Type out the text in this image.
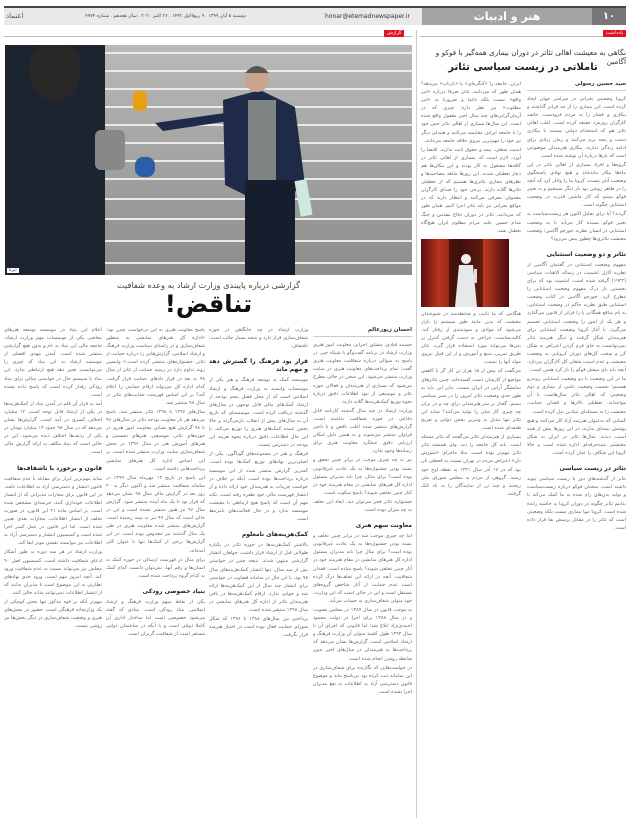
۱۰
هنر و ادبیات
honar@etemadnewspaper.ir
دوشنبه ۵ آبان ۱۳۹۹ . ۹ ربیع‌الاول ۱۴۴۲ . ۲۶ اکتبر ۲۰۲۰ . سال هجدهم . شماره ۴۷۷۴
اعتماد
یادداشت
نگاهی به معیشت اهالی تئاتر در دوران بیماری همه‌گیر با فوکو و آگامبن
تاملاتی در زیست سیاسی تئاتر
سید حسین رسولی

کرونا وضعیتی بحرانی در سراسر جهان ایجاد کرده است. این بیماری را از حد فراتر گذاشته و بیکاری و فشار را به مردم فرودست، خاصه کارگران روزمزد حقیقه کرده است. اغلب اهالی تئاتر هم که استخدام دولتی نیستند با بیکاری دست و پنجه نرم می‌کنند و زمان زیادی برای ادامه زندگی ندارند. بیکاری هنرمندان موضوعی است که بارها درباره آن نوشته شده است.

گروه‌ها و افراد بسیاری از اهالی تئاتر در این ماه‌ها بیکار مانده‌اند و هیچ نهادی پاسخگوی وضعیت آنان نیست. کرونا ما را وادار کرد که آنچه را در ظاهر روشن بود بار دیگر بسنجیم و به تعبیر فوکو ببینیم که کار ماشین قدرت در وضعیت استثنایی چگونه است.

گردند؟ آیا برای تحلیل اکنون هر زیست‌سیاست به تعبیر فوکو بسنده کار می‌آید یا به وضعیت استثنایی در انسان نظریه جورجو آگامبن؛ وضعیت معیشت تئاتری‌ها چطور پیش می‌رود؟

تئاتر و دو وضعیت استثنایی

مفهوم وضعیت استثنایی در گفتمان آگامبن از نظریه کارل اشمیت در رساله الاهیات سیاسی (۱۹۲۲) گرفته شده است. اشمیت بود که برای نخستین بار درک مفهوم وضعیت استثنایی را مطرح کرد. جورجو آگامبن در کتاب وضعیت استثنایی طبق نظریه حاکم در وضعیت استثنایی، به نام منافع همگانی پا را فراتر از قانون می‌گذارد و هر یک از امور را وضعیت استثنایی تصمیم می‌گیرد. با آغاز کرونا وضعیت استثنایی برای هنرمندان شکل گرفت و دیگر هنرمند تئاتر نمی‌توانست به جای فرم کردن اعتراض به شکل کن و سخت کل‌های دوران کرونایی به وضعیت معیشت و عدم امنیت شغلی کل کارگران بپردازد. آنچه باید پای میشل فوکو را باز کرد همین است.

ما در این وضعیت با دو وضعیت استثنایی روبه‌رو هستیم؛ نخست وضعیت ناشی از بیماری و دوم وضعیتی که اهالی تئاتر سال‌هاست با آن مواجه‌اند. تعطیلی تالارها و فقدان حمایت، معیشت را به مسئله‌ای بنیادین بدل کرده است.

کسانی که به‌عنوان هنرمند آزاد کار می‌کنند و هیچ پوشش بیمه‌ای ندارند، در این روزها بیش از همه آسیب دیدند. سال‌ها تئاتر در ایران به شکل معیشتی نیمه‌حرفه‌ای اداره شده است و حالا کرونا این شکاف را عیان کرده است.

تئاتر در زیست سیاسی

تئاتر از گذشته‌های دور با زیست سیاسی پیوند داشته است. سخنان فوکو درباره زیست‌سیاست و تولید بدن‌های رام شده به ما کمک می‌کند تا بدانیم تئاتر چگونه در دوران کرونا به حاشیه رانده شده است. کرونا تنها بیماری نیست بلکه وضعیتی است که تئاتر را در مقابل پرسش بقا قرار داده است.

ایران، جامعه را «کنگره‌ای» یا «بازتاب» می‌دهد؟ همان طور که می‌دانید، تئاتر صرفا درباره «امر واقع» نیست بلکه دائما و ضرورتا به «امر مطلوب» نیز نظر دارد؛ چیزی که در آرمان‌گرایی‌های چند سال اخیر مغفول واقع شده است. این سال‌ها بسیاری از اهالی تئاتر حس خود را با جامعه ایرانی مقایسه می‌کنند و همدلی دیگر نیز خود را مهم‌ترین نیروی خلاقه جامعه می‌دانند.

امنیت شغلی، بیمه و حقوق ثابت ندارند. اقتضا را آورد، لازم است که بسیاری از اهالی تئاتر در کافه‌ها مشغول به کار بودند و این مکان‌ها هم دچار تعطیلی شدند. این روزها شاهد مصاحبه‌ها و نظرهای مجازی تئاتری‌ها هستیم که از تعطیلی تئاترها گلایه دارند. برخی خود را صدای کارگران معمولی معرفی می‌کنند و انتظار دارند که در مواقع بحرانی نیز باید تئاتر اجرا کنیم. همان طور که می‌دانید، تئاتر در دوران دفاع مقدس و جنگ مدام حسین علیه مردم مظلوم ایران هیچ‌گاه تعطیل نشد.

هنگامی که ما تاثیب و ضابطه‌مند در شیوه‌بدان معیشت که بدین مانند طور سیستم را بازار می‌شود که موادی و سودمندی از رفتار کند. کالبدسیاست، جراحی به دست گرفتن کنترل بر بدن‌ها می‌تواند مورد استفاده قرار گیرد. تئاتر طریق تمرین، منبع و آموزش و از این قبیل نیروی مولد آنها را نیست.

می‌گفت که بیش از ۱۵ هزار تن کار گر با کاهش مواضع از کارشان دست کشیده‌اند. چنین تئاترهای نمایشگر آرایی در ایران نیست. بنابر این باید به طور جدی وضعیت تئاتر امروز را در سیر سیاسی ببینیم. گفتار بر سر هنرمندان برای چه و در برابر چه چیزی کار شان را تولید می‌کنند؟ شاید این تئاتر تنها تبدیل به ویترین بخش دولتی و تفریح طبقه‌ای شده است.

بسیاری از هنرمندان تئاتر می‌گفتند که تئاتر مسئله است. باید کل جامعه را دید. ولی همیشه تئاتر تئاتر مهم‌تر بوده است. مثلا ماجرای «شورش نان» اعتراض مردم در تهران نسبت به قحطی نان بود که در ۱۷ آذر سال ۱۳۲۱ به نقطه اوج خود رسید. گروهی از مردم به مجلس شورای ملی ریختند و چند تن از نمایندگان را به باد کتک گرفتند.

گزارش
ایرنا
گزارشی درباره پایبندی وزارت ارشاد به وعده شفافیت
تناقض!
احسان زیورعالم

حسینه قبادی، مشاور اجرایی معاونت امور هنری وزارت ارشاد در برنامه گفت‌وگو با شبکه خبر، در پاسخ به سوالی درباره شفافیت معاونت هنری گفت: تمام پرداخت‌های معاونت هنری در سایت وزارت منتشر می‌شود. این سخن در حالی مطرح می‌شود که بسیاری از هنرمندان و فعالان حوزه تئاتر و موسیقی از نبود اطلاعات دقیق درباره نحوه توزیع کمک‌هزینه‌ها گلایه دارند.

وزارت ارشاد در چند سال گذشته کارنامه قابل دفاعی در حوزه شفافیت نداشته است. گزارش‌های منتشر شده اغلب ناقص و با تاخیر فراوان منتشر می‌شوند و به همین دلیل امکان ارزیابی دقیق عملکرد معاونت هنری برای رسانه‌ها وجود ندارد.

نیز به چه چیزی موجب در برابر چنین تحقق و بسته بودن جشنواره‌ها به یک عادت غیرقانونی بوده است؟ برای مثال، چرا باید مدیران مسئول اداره کل هنرهای نمایشی در مقام هنرمند خود در کنار چنین تخلفی شوند؟ پاسخ سکوت است.

جشنواره تئاتر فجر می‌توان دید. ابعاد این تخلف به چه میزان بوده است.

معاونت سهم هنری

اما چه چیزی موجب شد در برابر چنین تخلف و بسته بودن جشنواره‌ها به یک عادت غیرقانونی بوده است؟ برای مثال چرا باید مدیران مسئول اداره کل هنرهای نمایشی در مقام هنرمند خود در آثار چنین تخلفی شوند؟ پاسخ ساده است: فقدان شفافیت. آنچه در ارائه این تخلف‌ها درک کرده است عدم حمایت از آثار شاخص گروه‌های مستقل است و این در حالی است که این وزارت، خود متولی شفاف‌سازی به حساب می‌آید.

به موجب قانون در سال ۱۳۸۷ در مجلس تصویب و در سال ۱۳۸۸ برای اجرا در دولت محمود احمدی‌نژاد ابلاغ شد؛ اما قانونی که اجرای آن تا سال ۱۳۹۴ طول کشید متولی آن وزارت فرهنگ و ارشاد اسلامی است. گزارش‌ها نشان می‌دهد که پرداخت‌ها به هنرمندان در سال‌های اخیر بدون ضابطه روشن انجام شده است.

در خواست‌هایی که نگارنده برای شفاف‌سازی در این سامانه ثبت کرده بود بی‌پاسخ ماند و موضوع قانون دسترسی آزاد به اطلاعات به نفع مدیران اجرا نشده است.

وزارت ارشاد در چه جایگاهی در حوزه شفاف‌سازی قرار دارد و نتیجه بسیار جالب است: ناشفاف.

قرار بود فرهنگ را گسترش دهد و مهم ماند

موسسه کمک به توسعه فرهنگ و هنر یکی از موسسات وابسته به وزارت فرهنگ و ارشاد اسلامی است که از محل فصل پنجم بودجه از ارشاد کمک‌های مالی قابل توجهی در سال‌های گذشته دریافت کرده است. موسسه‌ای که تاریخ آن به سال‌های پیش از انقلاب بازمی‌گردد و حالا بخش عمده کمک‌های هنری را توزیع می‌کند. با این حال اطلاعات دقیق درباره نحوه هزینه این بودجه در دسترس نیست.

فرهنگ و هنر در مجموعه‌های گوناگون، یکی از اصلی‌ترین نهادهای توزیع کمک‌ها بوده است. کمترین گزارش منتشر شده از این موسسه درباره پرداخت‌ها بوده است. آنکه بر خلاف در خواست جزییات به هنرمندان خود ارائه داده و از انتشار فهرست مالی خود طفره رفته است. نکته مهم آن است که پاسخ هیچ ارتباطی با معیشت موسسه ندارد و در حال فعالیت‌های نامرتبط است.

کمک‌هزینه‌های نامعلوم

بالاشتر کمک‌هزینه‌ها در حوزه تئاتر در یکباره طولانی قبل از ارشاد قرار داشت. خواهان انتشار گزارشی منتهی شدند. نتیجه چنین در خواستی پس از سه سال، تنها انتشار کمک‌هزینه‌های سال ۹۸ بود. با این حال در سامانه قضاوت در خواستی برای انتشار چند سال از این کمک‌هزینه‌ها ارائه شد و جوابی ندارد. ارقام کمک‌هزینه‌ها در باقی هنرمندان تئاتر از اداره کل هنرهای نمایشی در سال ۱۳۹۸ منتشر شده است.

پرداختی بین سال‌های ۱۳۸۸ تا ۱۳۹۶ که شکل شورای حمایت فعال بوده است در اختیار هنرمند قرار نگرفت.

پاسخ معاونت هنری به این درخواست چنین بود: «اداره کل هنرهای نمایشی به منظور شفاف‌سازی و در راستای سیاست وزارت فرهنگ و ارشاد اسلامی، گزارش‌هایی را درباره حمایت از تئاتر، جشنواره‌های منتشر کرده است.» واپسین روند تداوم دارد در زمینه حمایت از تئاتر از سال ۹۸ به بعد در قرار دادهای حمایت قرار گرفت. کدام اداره کل می‌تواند ارقام حمایتی را اعلام کند؟ بر این اساس فهرست حمایت‌های تئاتر در سال ۹۸ منتشر شد.

سال‌های ۱۳۹۶ تا ۱۳۹۸ تئاتر منتشر شد. پاسخ می‌دهد هر بار معاونت بودجه تئاتر در سال‌های ۹۶ تا ۹۸ گزارش هیچ نشانی معاونت امور هنری در حوزه‌های تئاتر، موسیقی، هنرهای تجسمی و هنرهای آموزش هنر در سال ۱۳۹۶ در بخش شفاف‌سازی سایت وزارت منتشر شده است. بر این اساس اداره کل هنرهای نمایشی پرداخت‌هایی داشته است.

این پاسخ در تاریخ ۱۴ مهرماه سال ۱۳۹۹ در سامانه شفافیت منتشر شد و اکنون دیگر به ۲۰ روز بعد در گزارش مالی سال ۹۸ نشان می‌دهد که قرار بود تا یک ماه آینده منتشر شود. گزارش سال ۹۶ نیز هنوز منتشر نشده است و این در حالی است که سال ۹۹ نیز به نیمه رسیده است. گزارش‌های منتشر شده معاونت هنری در طی یک سال گذشته نیز مخدوش بوده است. در این گزارش‌ها برخی از کمک‌ها تنها با عنوان کلی آمده‌اند.

برای مثال در فهرست ارسالی در حوزه کمک به استان‌ها و رقم آنها، نمی‌توان دانست کدام کمک به کدام گروه پرداخت شده است.

بنیاد خصوصی رودکی

یکی از نقاط مبهم وزارت فرهنگ و ارشاد اسلامی، بنیاد رودکی است. بنیادی که گفته می‌شود خصوصی است اما ساختار اداری آن کاملا دولتی است و با آنکه در ساختمان دولتی مستقر است از شفافیت گریزان است.

اعلام این بنیاد در موسسه توسعه هنرهای معاصر، یکی از موسسات مهم وزارت ارشاد، جامعه مالی این بنیاد به نام و بدون هیچ گزارشی منتشر شده است. آمدن مهدی افضلی از موسسه ارشاد به این بنیاد که چیزی را می‌توانست تغییر دهد هیچ ارتباطی ندارد. این بنیاد یا سیستم حال در خواستی سالی برای بنیاد رودکی رفتار کرده است که پاسخ داده نشده است.

آمد به قرار آن قلم در آمدن بنیاد از کمک‌هزینه‌ها در یکی از ارشاد قابل توجه است. ۱۲ میلیارد اختلاف کسری در آمد است. گزارش‌ها نشان می‌دهد که در سال ۹۸ حدود ۱۴ میلیارد تومان در یکی از ردیف‌ها اختلاف دیده می‌شود. این در حالی است که بنیاد مکلف به ارائه گزارش مالی است.

قانون و برخورد با ناشفاف‌ها

شاید مهم‌ترین ابزار برای مقابله با عدم شفافیت قانون انتشار و دسترسی آزاد به اطلاعات باشد. در این قانون برای مجازات مدیرانی که از انتشار اطلاعات خودداری کنند، جریمه‌ای مشخص شده است. بر اساس ماده ۲۱ این قانون، در صورت تخلف از انتشار اطلاعات، مجازات نقدی تعیین شده است. اما این قانون در عمل کمتر اجرا شده است و کمیسیون انتشار و دسترسی آزاد به اطلاعات نیز نتوانسته نقشی موثر ایفا کند.

وزارت ارشاد در هر سه دوره به طور آشکار ادعای شفافیت داشته است. کمیسیون اصل ۹۰ مجلس نیز می‌تواند نسبت به عدم شفافیت ورود کند. آنچه امروز مهم است، ورود جدی نهادهای نظارتی به این موضوع است تا مدیران بدانند که از انتشار اطلاعات نمی‌توانند شانه خالی کنند.

مهم‌تر آنکه بر قوه مذکور تنها بخش کوچکی از یک وزارتخانه فرهنگی است. حضور در بخش‌های هنری و وضعیت شفاف‌سازی در دیگر بخش‌ها نیز روشن نیست.
